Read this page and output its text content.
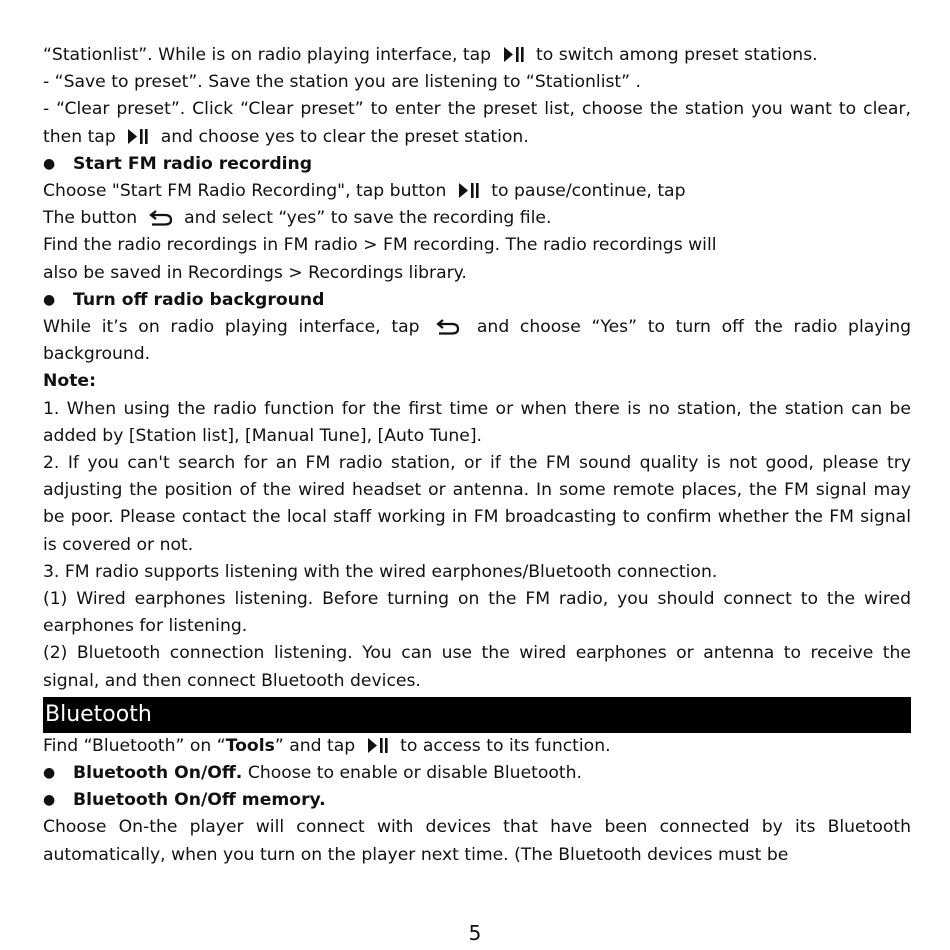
“Stationlist”. While is on radio playing interface, tap	to switch among preset stations.

- “Save to preset”. Save the station you are listening to “Stationlist” .

- “Clear preset”. Click “Clear preset” to enter the preset list, choose the station you want to clear, then tap	and choose yes to clear the preset station.

● Start FM radio recording

Choose "Start FM Radio Recording", tap button	to pause/continue, tap

The button	and select “yes” to save the recording file.

Find the radio recordings in FM radio > FM recording. The radio recordings will

also be saved in Recordings > Recordings library.

● Turn off radio background

While it’s on radio playing interface, tap	and choose “Yes” to turn off the radio playing background.

Note:

1. When using the radio function for the first time or when there is no station, the station can be added by [Station list], [Manual Tune], [Auto Tune].

2. If you can't search for an FM radio station, or if the FM sound quality is not good, please try adjusting the position of the wired headset or antenna. In some remote places, the FM signal may be poor. Please contact the local staff working in FM broadcasting to confirm whether the FM signal is covered or not.

3. FM radio supports listening with the wired earphones/Bluetooth connection.

(1) Wired earphones listening. Before turning on the FM radio, you should connect to the wired earphones for listening.

(2) Bluetooth connection listening. You can use the wired earphones or antenna to receive the signal, and then connect Bluetooth devices.

Bluetooth

Find “Bluetooth” on “Tools” and tap	to access to its function.

● Bluetooth On/Off. Choose to enable or disable Bluetooth.

● Bluetooth On/Off memory.

Choose On-the player will connect with devices that have been connected by its Bluetooth automatically, when you turn on the player next time. (The Bluetooth devices must be

5
